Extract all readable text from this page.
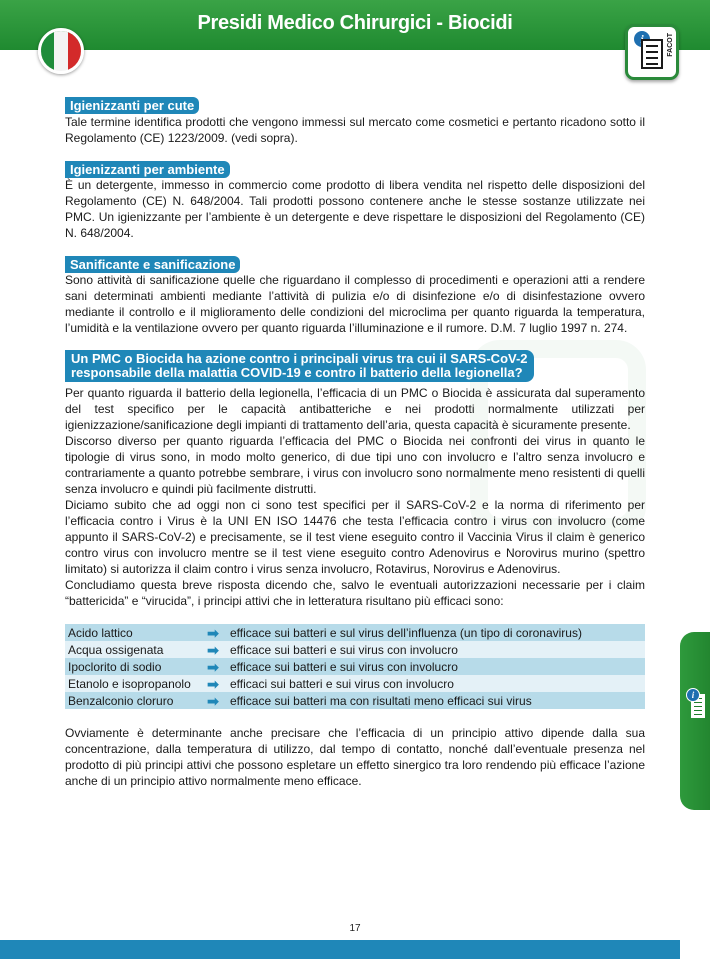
Presidi Medico Chirurgici - Biocidi
FACOT
Igienizzanti per cute

Tale termine identifica prodotti che vengono immessi sul mercato come cosmetici e pertanto ricadono sotto il Regolamento (CE) 1223/2009. (vedi sopra).

Igienizzanti per ambiente

È un detergente, immesso in commercio come prodotto di libera vendita nel rispetto delle disposizioni del Regolamento (CE) N. 648/2004. Tali prodotti possono contenere anche le stesse sostanze utilizzate nei PMC. Un igienizzante per l’ambiente è un detergente e deve rispettare le disposizioni del Regolamento (CE) N. 648/2004.

Sanificante e sanificazione

Sono attività di sanificazione quelle che riguardano il complesso di procedimenti e operazioni atti a rendere sani determinati ambienti mediante l’attività di pulizia e/o di disinfezione e/o di disinfestazione ovvero mediante il controllo e il miglioramento delle condizioni del microclima per quanto riguarda la temperatura, l’umidità e la ventilazione ovvero per quanto riguarda l’illuminazione e il rumore. D.M. 7 luglio 1997 n. 274.

Un PMC o Biocida ha azione contro i principali virus tra cui il SARS-CoV-2
responsabile della malattia COVID-19 e contro il batterio della legionella?

Per quanto riguarda il batterio della legionella, l’efficacia di un PMC o Biocida è assicurata dal superamento del test specifico per le capacità antibatteriche e nei prodotti normalmente utilizzati per igienizzazione/sanificazione degli impianti di trattamento dell’aria, questa capacità è sicuramente presente.

Discorso diverso per quanto riguarda l’efficacia del PMC o Biocida nei confronti dei virus in quanto le tipologie di virus sono, in modo molto generico, di due tipi uno con involucro e l’altro senza involucro e contrariamente a quanto potrebbe sembrare, i virus con involucro sono normalmente meno resistenti di quelli senza involucro e quindi più facilmente distrutti.

Diciamo subito che ad oggi non ci sono test specifici per il SARS-CoV-2 e la norma di riferimento per l’efficacia contro i Virus è la UNI EN ISO 14476 che testa l’efficacia contro i virus con involucro (come appunto il SARS-CoV-2) e precisamente, se il test viene eseguito contro il Vaccinia Virus il claim è generico contro virus con involucro mentre se il test viene eseguito contro Adenovirus e Norovirus murino (spettro limitato) si autorizza il claim contro i virus senza involucro, Rotavirus, Norovirus e Adenovirus.

Concludiamo questa breve risposta dicendo che, salvo le eventuali autorizzazioni necessarie per i claim “battericida” e “virucida”, i principi attivi che in letteratura risultano più efficaci sono:

Acido lattico	➡	efficace sui batteri e sul virus dell’influenza (un tipo di coronavirus)
Acqua ossigenata	➡	efficace sui batteri e sui virus con involucro
Ipoclorito di sodio	➡	efficace sui batteri e sui virus con involucro
Etanolo e isopropanolo	➡	efficaci sui batteri e sui virus con involucro
Benzalconio cloruro	➡	efficace sui batteri ma con risultati meno efficaci sui virus

Ovviamente è determinante anche precisare che l’efficacia di un principio attivo dipende dalla sua concentrazione, dalla temperatura di utilizzo, dal tempo di contatto, nonché dall’eventuale presenza nel prodotto di più principi attivi che possono espletare un effetto sinergico tra loro rendendo più efficace l’azione anche di un principio attivo normalmente meno efficace.

i
17
